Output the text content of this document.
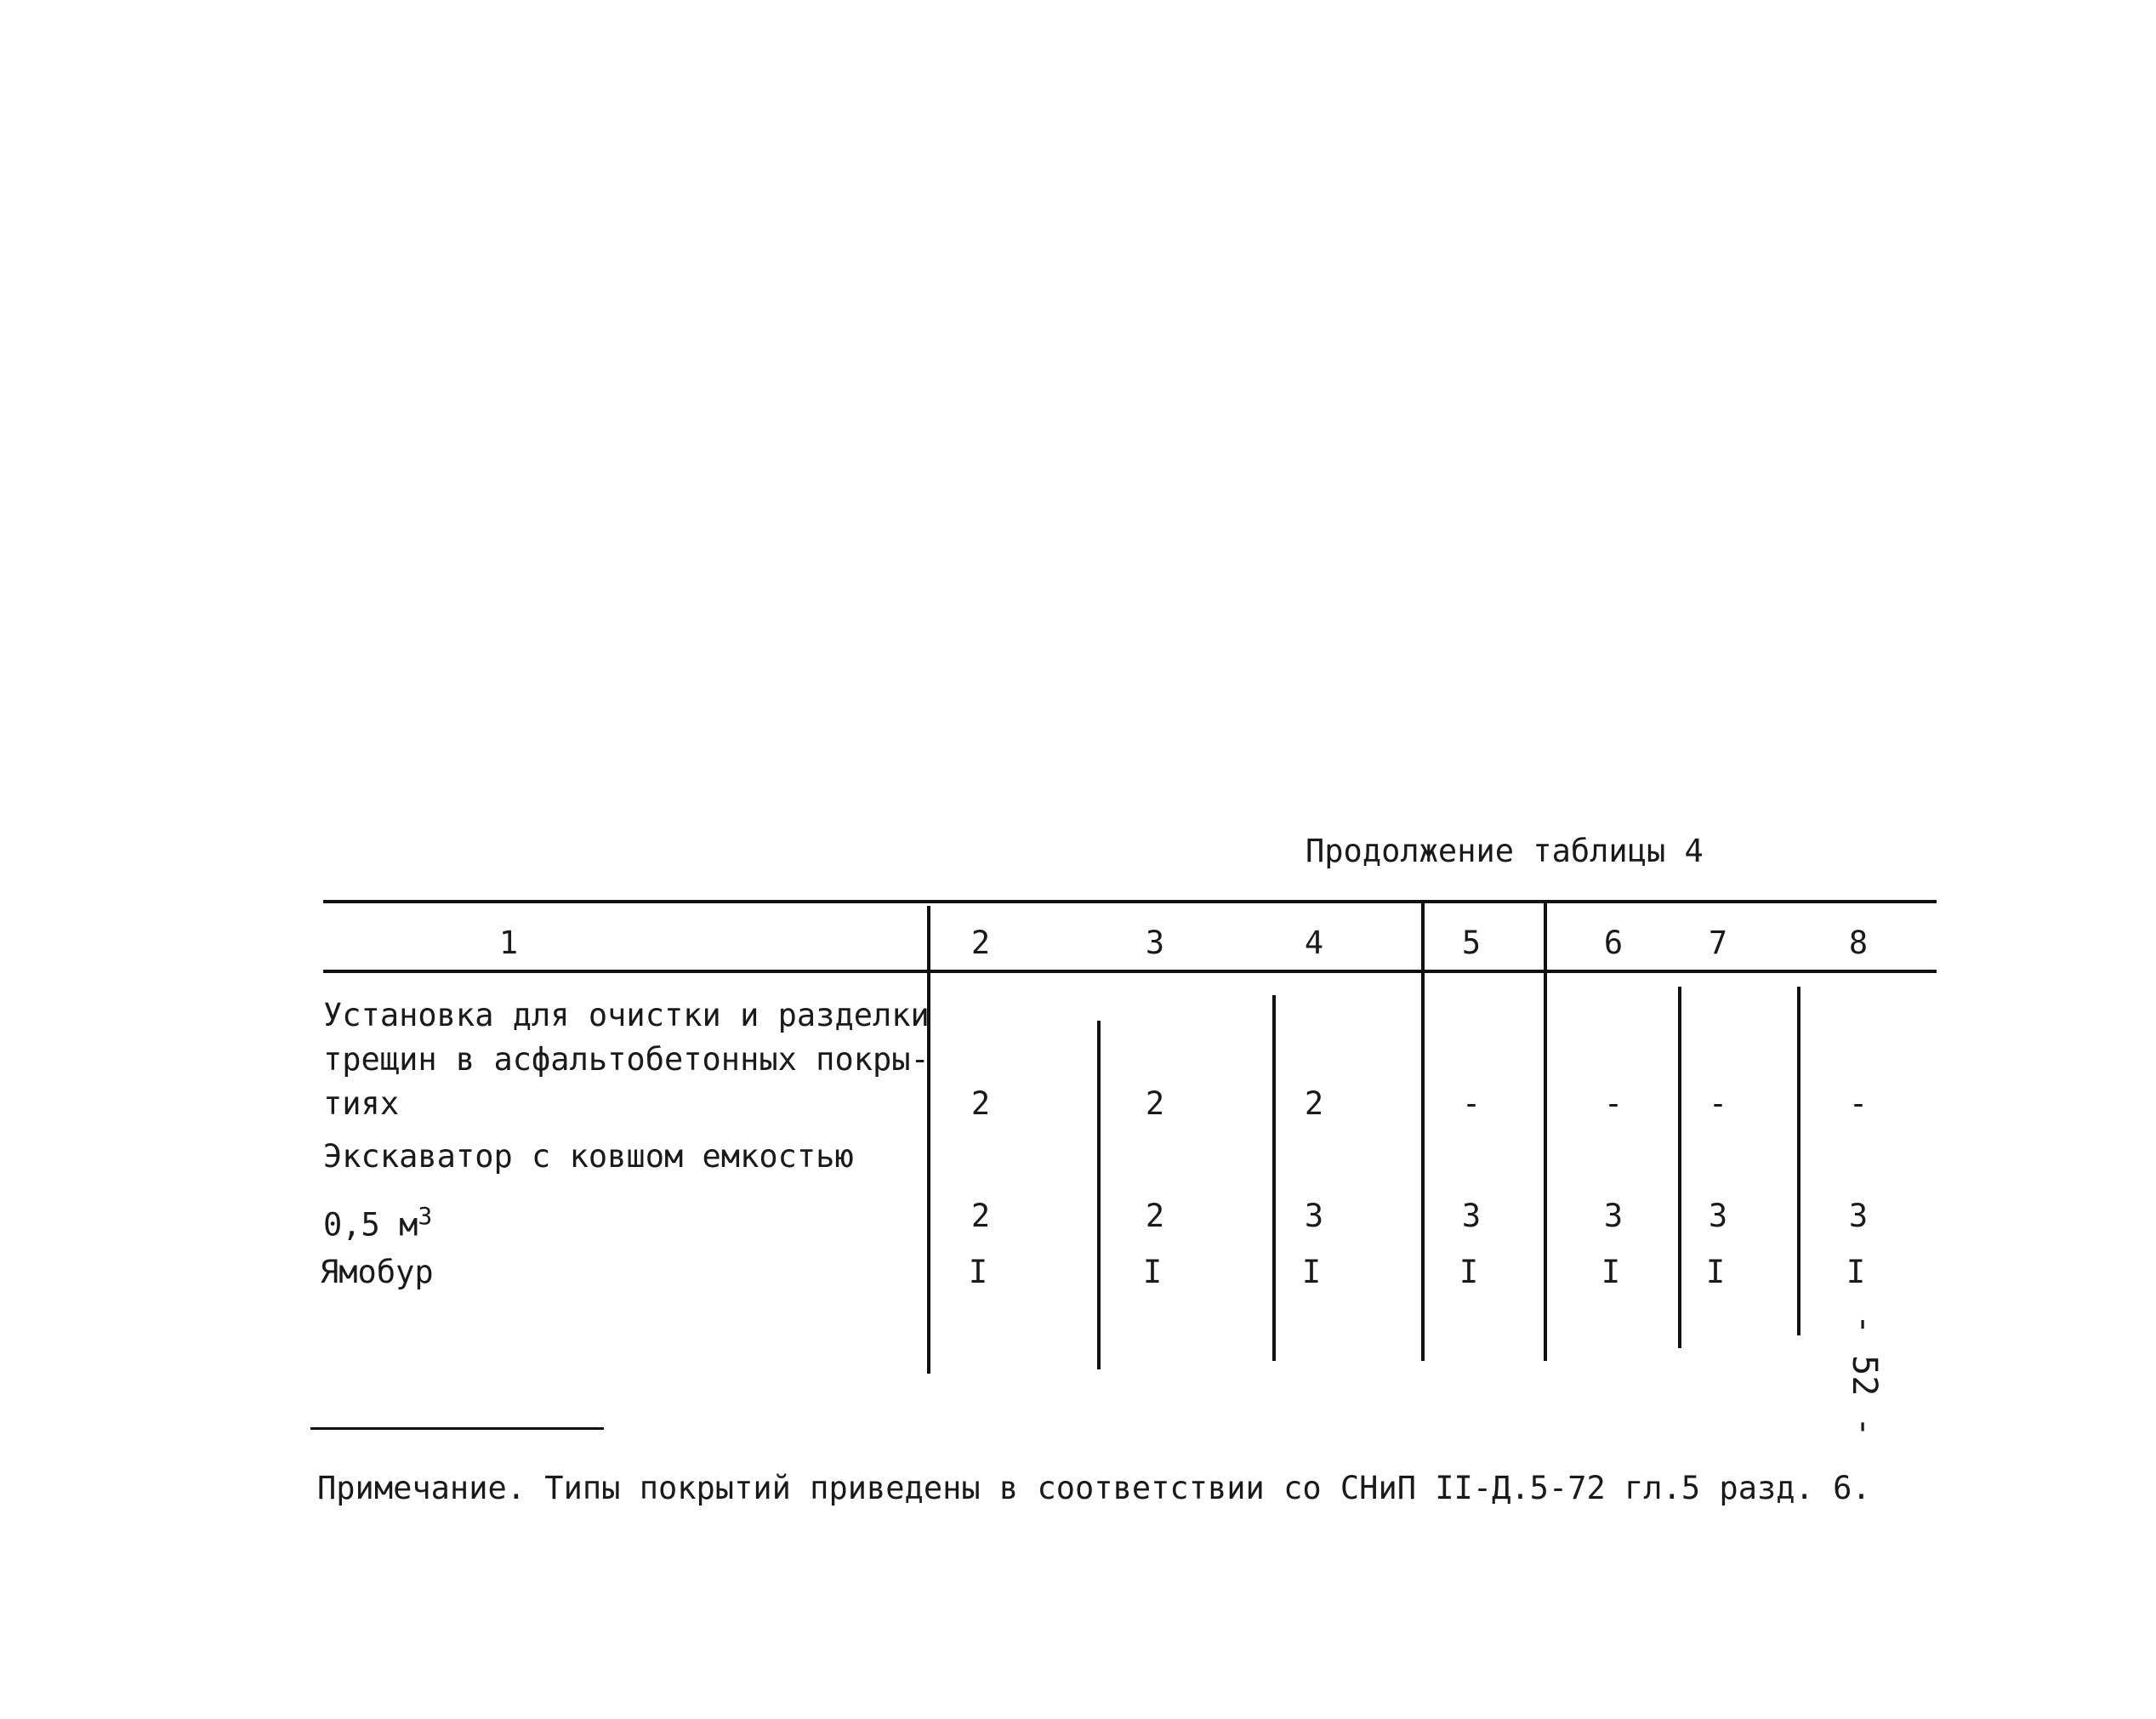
Продолжение таблицы 4
1	2	3	4	5	6	7	8
Установка для очистки и разделки
трещин в асфальтобетонных покры-
тиях	2	2	2	-	-	-	-
Экскаватор с ковшом емкостью
0,5 $м^3$	2	2	3	3	3	3	3
Ямобур	I	I	I	I	I	I	I
- 52 -
Примечание. Типы покрытий приведены в соответствии со СНиП II-Д.5-72 гл.5 разд. 6.
